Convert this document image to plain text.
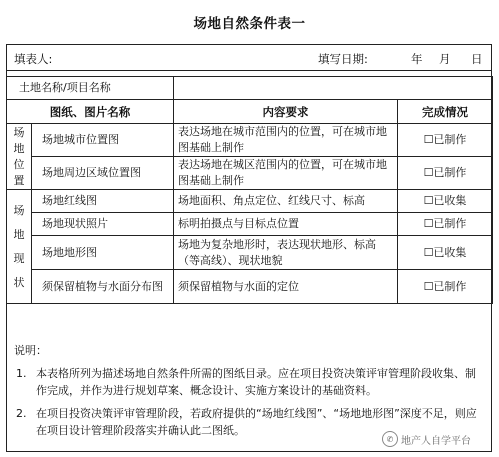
场地自然条件表一
填表人:	填写日期:	年 月 日
土地名称/项目名称			
图纸、图片名称		内容要求	完成情况

场地位置	场地城市位置图	表达场地在城市范围内的位置，可在城市地图基础上制作	☐已制作
	场地周边区域位置图	表达场地在城区范围内的位置，可在城市地图基础上制作	☐已制作

场地现状	场地红线图	场地面积、角点定位、红线尺寸、标高	☐已收集
	场地现状照片	标明拍摄点与目标点位置	☐已制作
	场地地形图	场地为复杂地形时，表达现状地形、标高（等高线）、现状地貌	☐已收集
	须保留植物与水面分布图	须保留植物与水面的定位	☐已制作
说明：
1. 本表格所列为描述场地自然条件所需的图纸目录。应在项目投资决策评审管理阶段收集、制作完成，并作为进行规划草案、概念设计、实施方案设计的基础资料。
2. 在项目投资决策评审管理阶段，若政府提供的“场地红线图”、“场地地形图”深度不足，则应在项目设计管理阶段落实并确认此二图纸。
✆ 地产人自学平台
